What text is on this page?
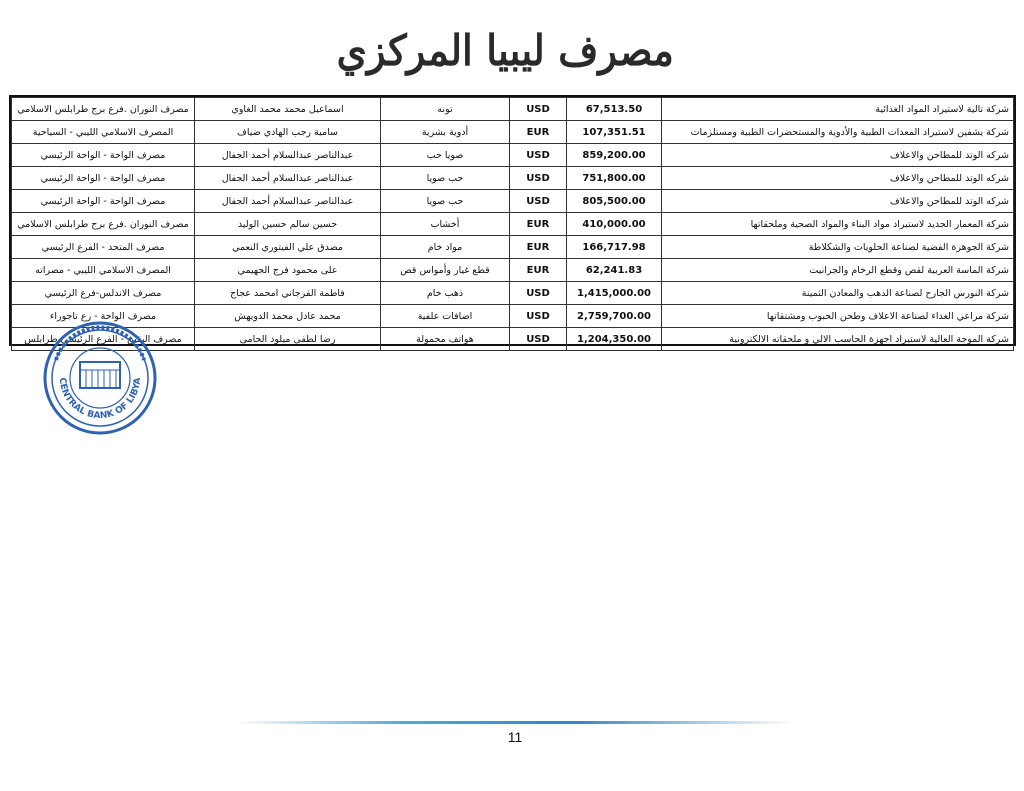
مصرف ليبيا المركزي
شركة تالية لاستيراد المواد الغذائية	67,513.50	USD	تونه	اسماعيل محمد محمد الغاوي	مصرف النوران .فرع برج طرابلس الاسلامي
شركة يشفين لاستيراد المعدات الطبية والأدوية والمستحضرات الطبية ومستلزمات	107,351.51	EUR	أدوية بشرية	سامية رجب الهادي ضياف	المصرف الاسلامي الليبي - السياحية
شركه الوتد للمطاحن والاعلاف	859,200.00	USD	صويا حب	عبدالناصر عبدالسلام أحمد الجفال	مصرف الواحة - الواحة الرئيسي
شركه الوتد للمطاحن والاعلاف	751,800.00	USD	حب صويا	عبدالناصر عبدالسلام أحمد الجفال	مصرف الواحة - الواحة الرئيسي
شركه الوتد للمطاحن والاعلاف	805,500.00	USD	حب صويا	عبدالناصر عبدالسلام أحمد الجفال	مصرف الواحة - الواحة الرئيسي
شركة المعمار الجديد لاستيراد مواد البناء والمواد الصحية وملحقاتها	410,000.00	EUR	أخشاب	حسين سالم حسين الوليد	مصرف النوران .فرع برج طرابلس الاسلامي
شركة الجوهرة الفضية لصناعة الحلويات والشكلاطة	166,717.98	EUR	مواد خام	مصدق علي الفيتوري النعمي	مصرف المتحد - الفرع الرئيسي
شركة الماسة العربية لقص وقطع الرخام والجرانيت	62,241.83	EUR	قطع غيار وأمواس قص	على محمود فرج الجهيمي	المصرف الاسلامي الليبي - مصراته
شركة النورس الجارح لصناعة الذهب والمعادن الثمينة	1,415,000.00	USD	ذهب خام	فاطمة الفرجاني امحمد عجاج	مصرف الاندلس-فرع الرئيسي
شركة مراعي الغداء لصناعة الاعلاف وطحن الحبوب ومشتقاتها	2,759,700.00	USD	اضافات علفية	محمد عادل محمد الدويهش	مصرف الواحة - رع تاجوراء
شركة الموجة العالية لاستيراد اجهزة الحاسب الالي و ملحقاته الالكترونية	1,204,350.00	USD	هواتف محمولة	رضا لطفى ميلود الحامى	مصرف اليقين - الفرع الرئيسي طرابلس
CENTRAL BANK OF LIBYA
11
